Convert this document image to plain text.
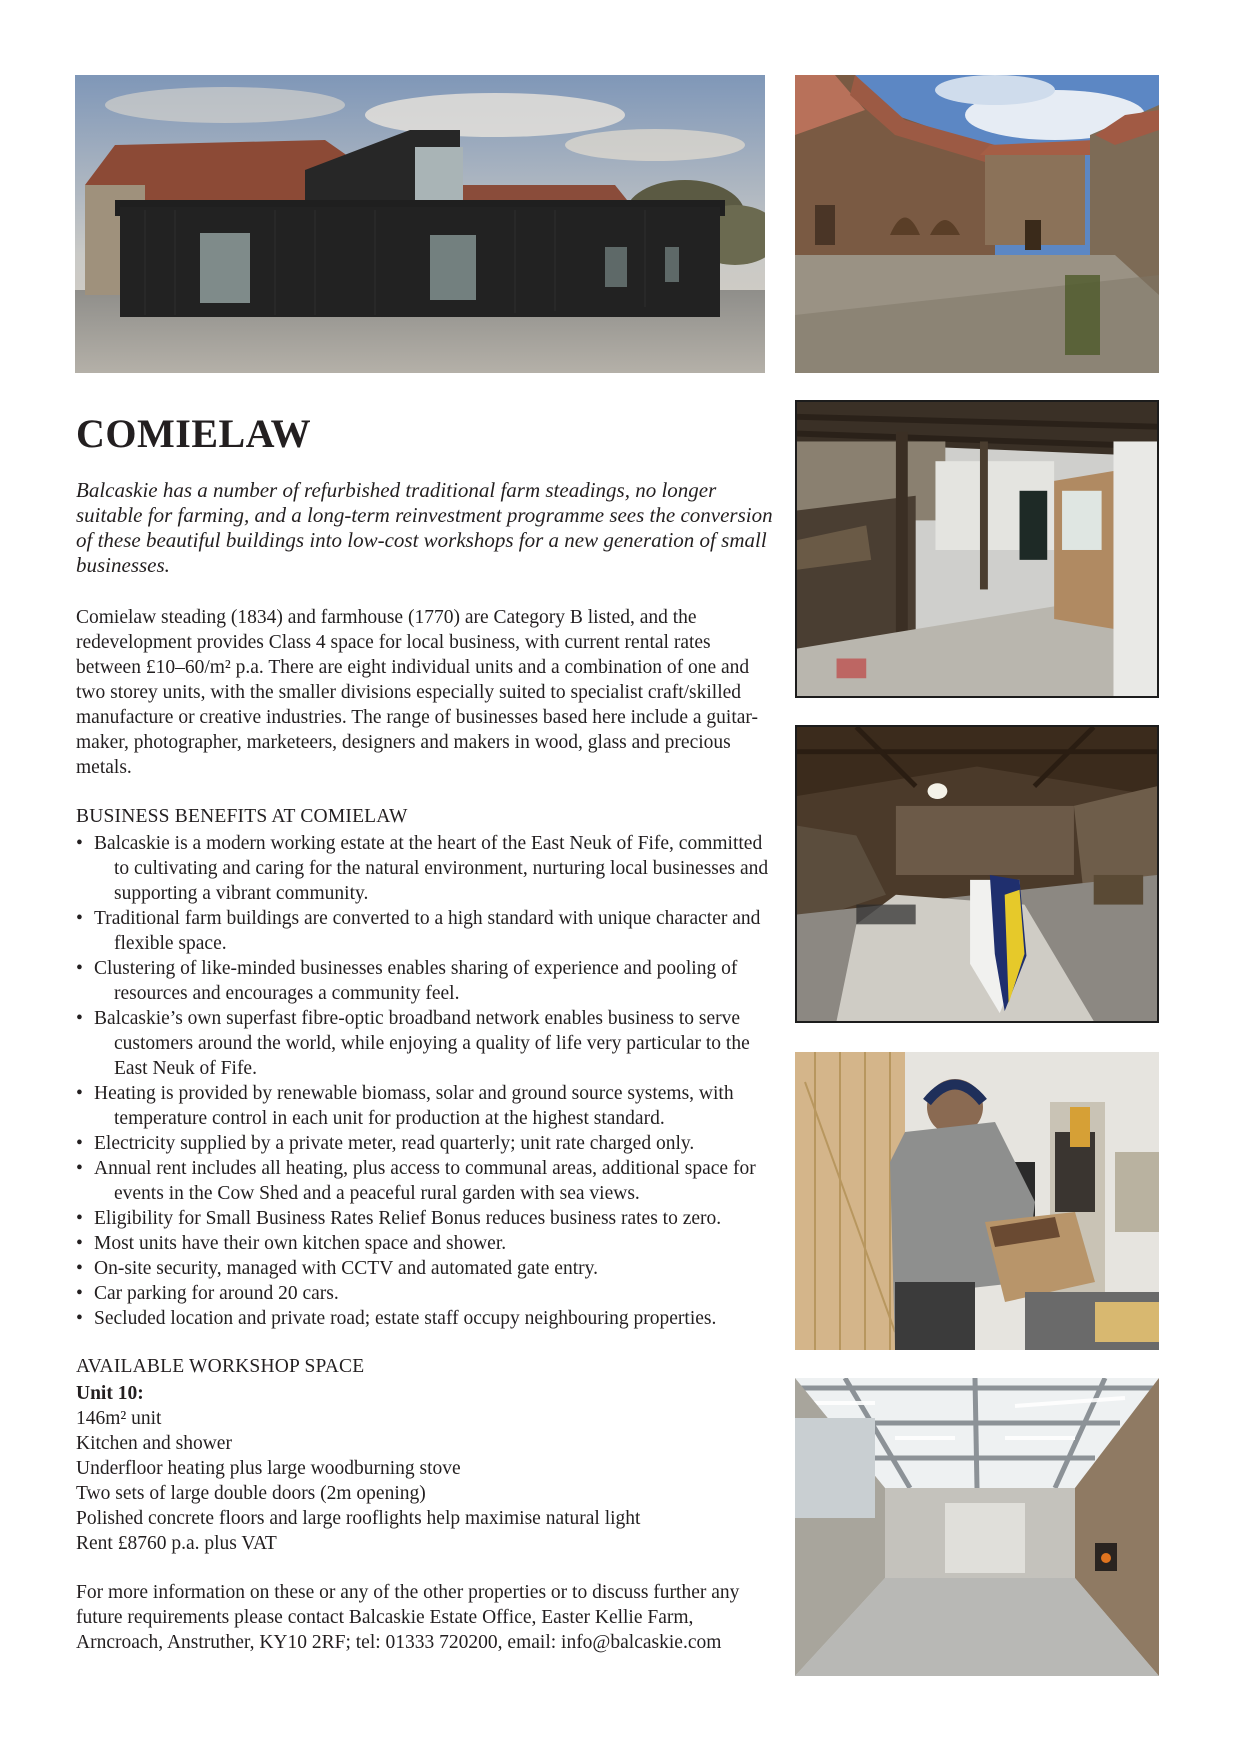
COMIELAW

Balcaskie has a number of refurbished traditional farm steadings, no longer suitable for farming, and a long-term reinvestment programme sees the conversion of these beautiful buildings into low-cost workshops for a new generation of small businesses.

Comielaw steading (1834) and farmhouse (1770) are Category B listed, and the redevelopment provides Class 4 space for local business, with current rental rates between £10–60/m² p.a. There are eight individual units and a combination of one and two storey units, with the smaller divisions especially suited to specialist craft/skilled manufacture or creative industries. The range of businesses based here include a guitar-maker, photographer, marketeers, designers and makers in wood, glass and precious metals.

BUSINESS BENEFITS AT COMIELAW
• Balcaskie is a modern working estate at the heart of the East Neuk of Fife, committed to cultivating and caring for the natural environment, nurturing local businesses and supporting a vibrant community.
• Traditional farm buildings are converted to a high standard with unique character and flexible space.
• Clustering of like-minded businesses enables sharing of experience and pooling of resources and encourages a community feel.
• Balcaskie’s own superfast fibre-optic broadband network enables business to serve customers around the world, while enjoying a quality of life very particular to the East Neuk of Fife.
• Heating is provided by renewable biomass, solar and ground source systems, with temperature control in each unit for production at the highest standard.
• Electricity supplied by a private meter, read quarterly; unit rate charged only.
• Annual rent includes all heating, plus access to communal areas, additional space for events in the Cow Shed and a peaceful rural garden with sea views.
• Eligibility for Small Business Rates Relief Bonus reduces business rates to zero.
• Most units have their own kitchen space and shower.
• On-site security, managed with CCTV and automated gate entry.
• Car parking for around 20 cars.
• Secluded location and private road; estate staff occupy neighbouring properties.
AVAILABLE WORKSHOP SPACE
Unit 10:
146m² unit
Kitchen and shower
Underfloor heating plus large woodburning stove
Two sets of large double doors (2m opening)
Polished concrete floors and large rooflights help maximise natural light
Rent £8760 p.a. plus VAT

For more information on these or any of the other properties or to discuss further any future requirements please contact Balcaskie Estate Office, Easter Kellie Farm, Arncroach, Anstruther, KY10 2RF; tel: 01333 720200, email: info@balcaskie.com
